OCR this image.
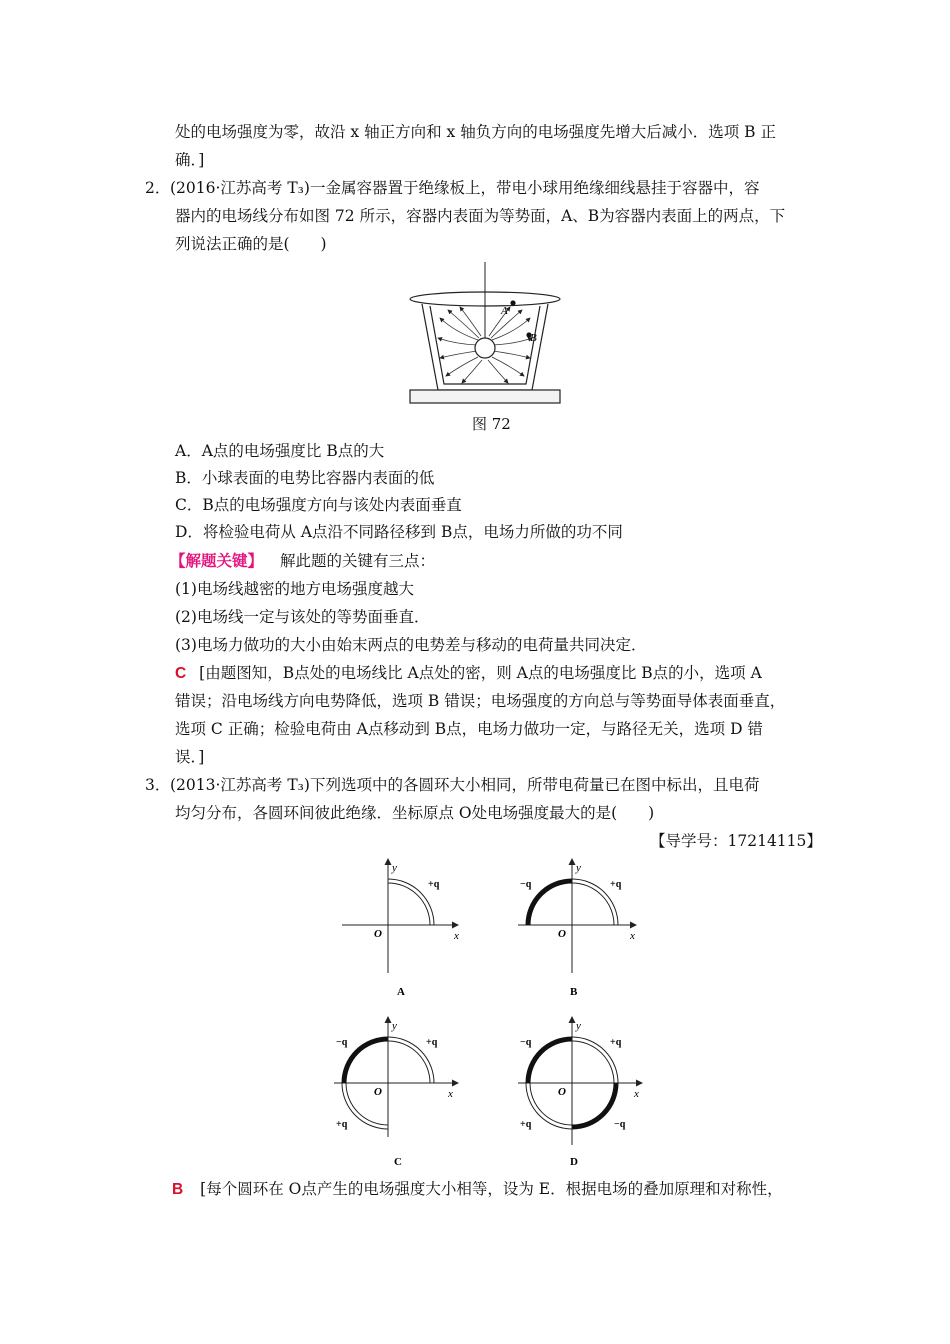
处的电场强度为零，故沿 x 轴正方向和 x 轴负方向的电场强度先增大后减小．选项 B 正
确．]
2． (2016·江苏高考 T₃)一金属容器置于绝缘板上，带电小球用绝缘细线悬挂于容器中，容
器内的电场线分布如图 72 所示，容器内表面为等势面，A、B为容器内表面上的两点，下
列说法正确的是(　　)
A
B
图 72
A．A点的电场强度比 B点的大
B．小球表面的电势比容器内表面的低
C．B点的电场强度方向与该处内表面垂直
D．将检验电荷从 A点沿不同路径移到 B点，电场力所做的功不同
【解题关键】 解此题的关键有三点：
(1)电场线越密的地方电场强度越大
(2)电场线一定与该处的等势面垂直．
(3)电场力做功的大小由始末两点的电势差与移动的电荷量共同决定．
C [由题图知，B点处的电场线比 A点处的密，则 A点的电场强度比 B点的小，选项 A
错误；沿电场线方向电势降低，选项 B 错误；电场强度的方向总与等势面导体表面垂直，
选项 C 正确；检验电荷由 A点移动到 B点，电场力做功一定，与路径无关，选项 D 错
误．]
3． (2013·江苏高考 T₃)下列选项中的各圆环大小相同，所带电荷量已在图中标出，且电荷
均匀分布，各圆环间彼此绝缘．坐标原点 O处电场强度最大的是(　　)
【导学号：17214115】
y
x
O
+q
A
y
x
O
+q
−q
B
y
x
O
+q
−q
+q
C
y
x
O
+q
−q
+q	−q
D
B [每个圆环在 O点产生的电场强度大小相等，设为 E．根据电场的叠加原理和对称性，
